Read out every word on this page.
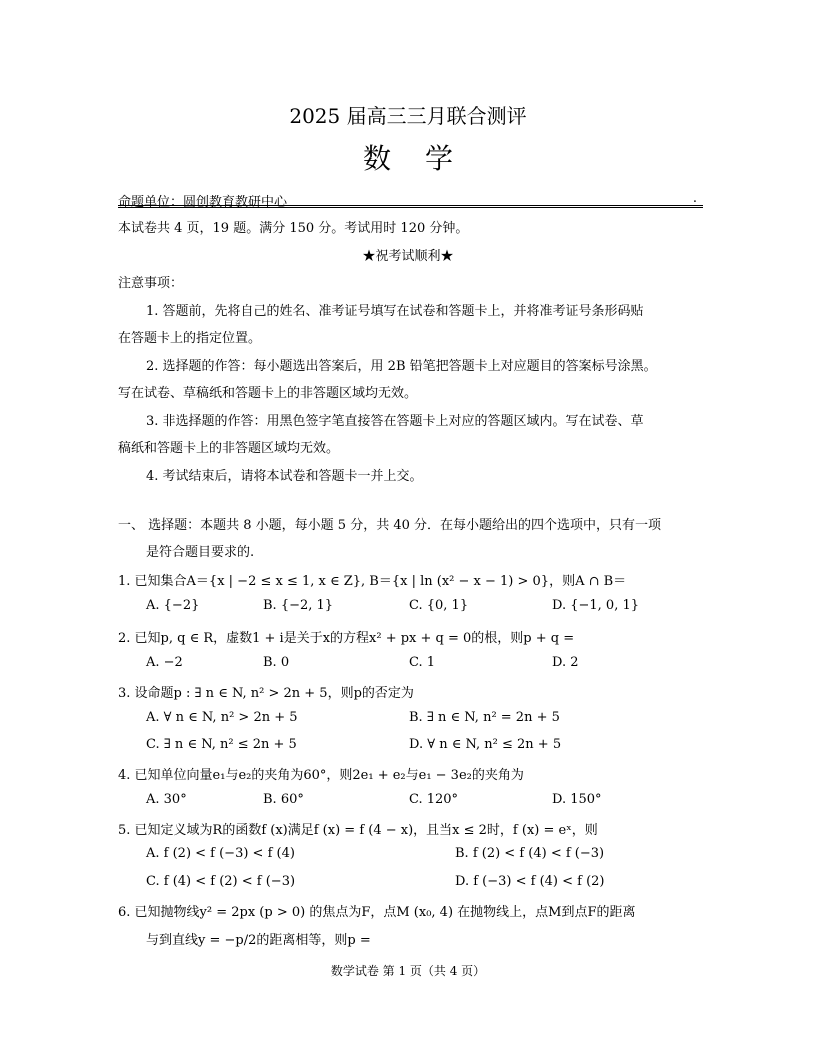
2025 届高三三月联合测评
数学
命题单位：圆创教育教研中心	.
本试卷共 4 页，19 题。满分 150 分。考试用时 120 分钟。
★祝考试顺利★
注意事项：
1. 答题前，先将自己的姓名、准考证号填写在试卷和答题卡上，并将准考证号条形码贴
在答题卡上的指定位置。
2. 选择题的作答：每小题选出答案后，用 2B 铅笔把答题卡上对应题目的答案标号涂黑。
写在试卷、草稿纸和答题卡上的非答题区域均无效。
3. 非选择题的作答：用黑色签字笔直接答在答题卡上对应的答题区域内。写在试卷、草
稿纸和答题卡上的非答题区域均无效。
4. 考试结束后，请将本试卷和答题卡一并上交。
一、 选择题：本题共 8 小题，每小题 5 分，共 40 分．在每小题给出的四个选项中，只有一项
是符合题目要求的.
1. 已知集合A＝{x | −2 ≤ x ≤ 1, x ∈ Z}, B＝{x | ln (x² − x − 1) > 0}，则A ∩ B＝
A. {−2}	B. {−2, 1}	C. {0, 1}	D. {−1, 0, 1}
2. 已知p, q ∈ R，虚数1 + i是关于x的方程x² + px + q = 0的根，则p + q =
A. −2	B. 0	C. 1	D. 2
3. 设命题p : ∃ n ∈ N, n² > 2n + 5，则p的否定为
A. ∀ n ∈ N, n² > 2n + 5	B. ∃ n ∈ N, n² = 2n + 5
C. ∃ n ∈ N, n² ≤ 2n + 5	D. ∀ n ∈ N, n² ≤ 2n + 5
4. 已知单位向量e₁与e₂的夹角为60°，则2e₁ + e₂与e₁ − 3e₂的夹角为
A. 30°	B. 60°	C. 120°	D. 150°
5. 已知定义域为R的函数f (x)满足f (x) = f (4 − x)，且当x ≤ 2时，f (x) = eˣ，则
A. f (2) < f (−3) < f (4)	B. f (2) < f (4) < f (−3)
C. f (4) < f (2) < f (−3)	D. f (−3) < f (4) < f (2)
6. 已知抛物线y² = 2px (p > 0) 的焦点为F，点M (x₀, 4) 在抛物线上，点M到点F的距离
与到直线y = −p/2的距离相等，则p =
数学试卷 第 1 页（共 4 页）
